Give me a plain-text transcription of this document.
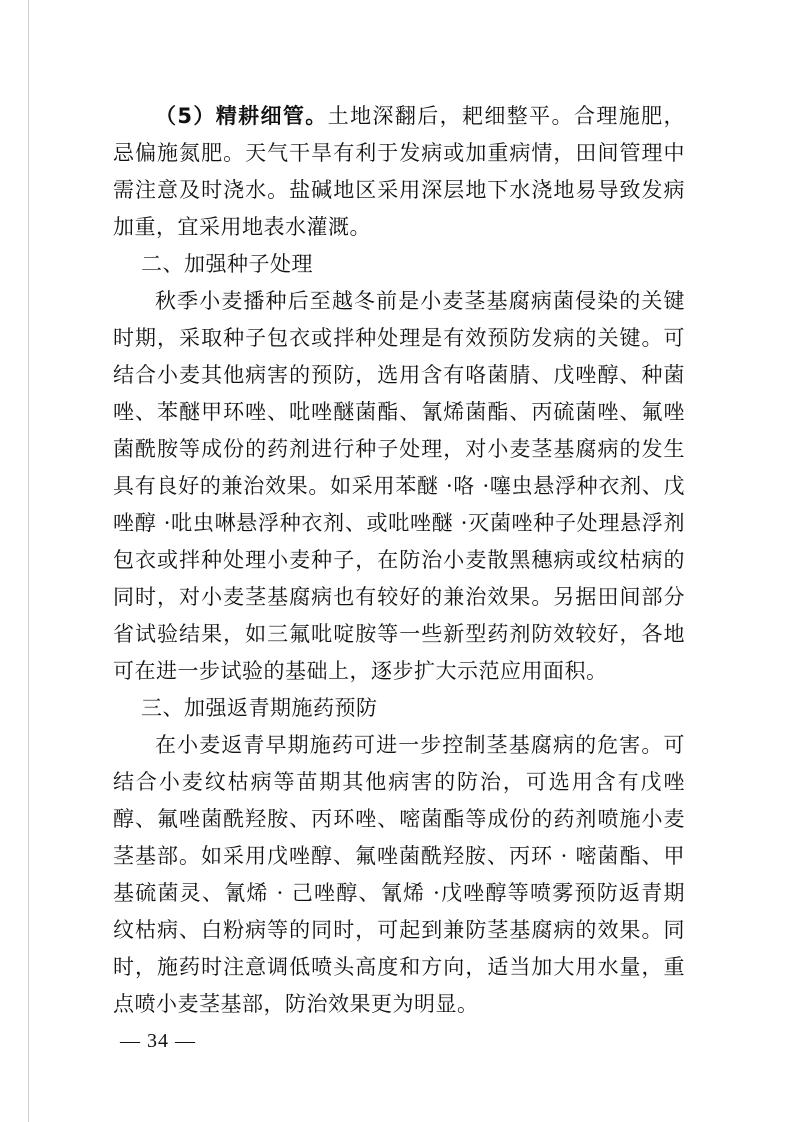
（5）精耕细管。土地深翻后，耙细整平。合理施肥，忌偏施氮肥。天气干旱有利于发病或加重病情，田间管理中需注意及时浇水。盐碱地区采用深层地下水浇地易导致发病加重，宜采用地表水灌溉。

二、加强种子处理

秋季小麦播种后至越冬前是小麦茎基腐病菌侵染的关键时期，采取种子包衣或拌种处理是有效预防发病的关键。可结合小麦其他病害的预防，选用含有咯菌腈、戊唑醇、种菌唑、苯醚甲环唑、吡唑醚菌酯、氰烯菌酯、丙硫菌唑、氟唑菌酰胺等成份的药剂进行种子处理，对小麦茎基腐病的发生具有良好的兼治效果。如采用苯醚 ·咯 ·噻虫悬浮种衣剂、戊唑醇 ·吡虫啉悬浮种衣剂、或吡唑醚 ·灭菌唑种子处理悬浮剂包衣或拌种处理小麦种子，在防治小麦散黑穗病或纹枯病的同时，对小麦茎基腐病也有较好的兼治效果。另据田间部分省试验结果，如三氟吡啶胺等一些新型药剂防效较好，各地可在进一步试验的基础上，逐步扩大示范应用面积。

三、加强返青期施药预防

在小麦返青早期施药可进一步控制茎基腐病的危害。可结合小麦纹枯病等苗期其他病害的防治，可选用含有戊唑醇、氟唑菌酰羟胺、丙环唑、嘧菌酯等成份的药剂喷施小麦茎基部。如采用戊唑醇、氟唑菌酰羟胺、丙环 · 嘧菌酯、甲基硫菌灵、氰烯 · 己唑醇、氰烯 ·戊唑醇等喷雾预防返青期纹枯病、白粉病等的同时，可起到兼防茎基腐病的效果。同时，施药时注意调低喷头高度和方向，适当加大用水量，重点喷小麦茎基部，防治效果更为明显。

— 34 —
